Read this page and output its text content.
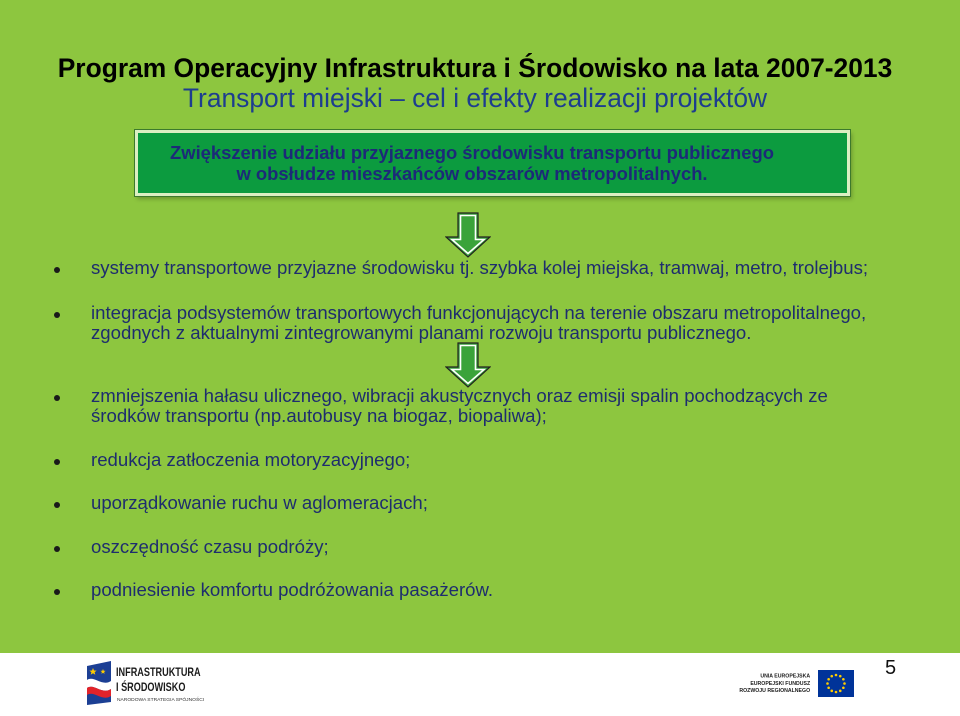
Program Operacyjny Infrastruktura i Środowisko na lata 2007-2013
Transport miejski – cel i efekty realizacji projektów
Zwiększenie udziału przyjaznego środowisku transportu publicznego
w obsłudze mieszkańców obszarów metropolitalnych.
systemy transportowe przyjazne środowisku tj. szybka kolej miejska, tramwaj, metro, trolejbus;
integracja podsystemów transportowych funkcjonujących na terenie obszaru metropolitalnego,
zgodnych z aktualnymi zintegrowanymi planami rozwoju transportu publicznego.
zmniejszenia hałasu ulicznego, wibracji akustycznych oraz emisji spalin pochodzących ze
środków transportu (np.autobusy na biogaz, biopaliwa);
redukcja zatłoczenia motoryzacyjnego;
uporządkowanie ruchu w aglomeracjach;
oszczędność czasu podróży;
podniesienie komfortu podróżowania pasażerów.
INFRASTRUKTURA
I ŚRODOWISKO
NARODOWA STRATEGIA SPÓJNOŚCI
UNIA EUROPEJSKA
EUROPEJSKI FUNDUSZ
ROZWOJU REGIONALNEGO
5
